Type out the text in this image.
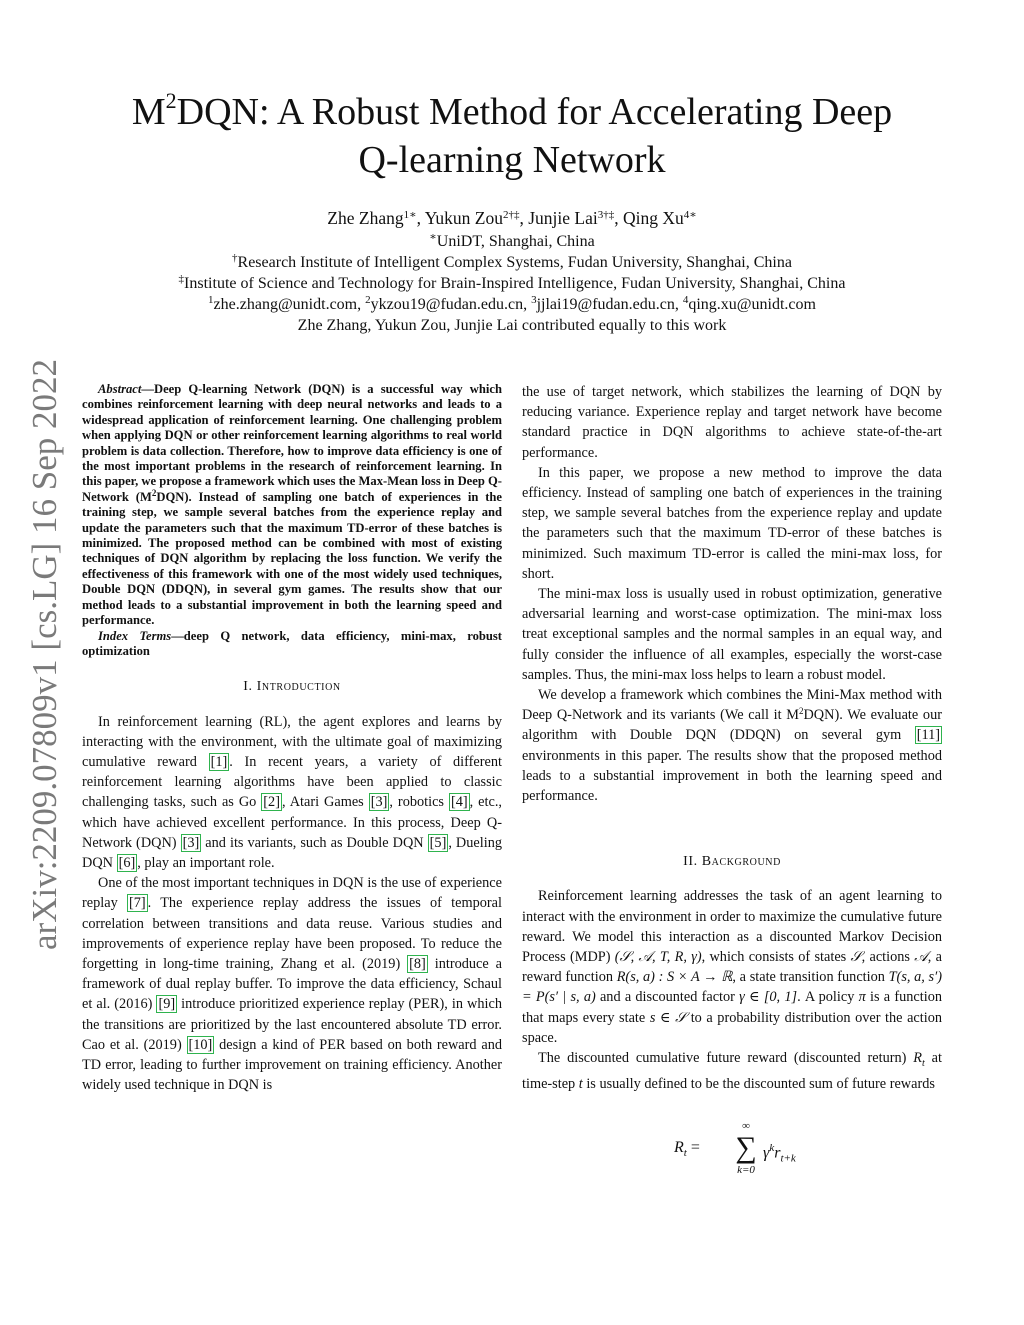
$M^2DQN$: A Robust Method for Accelerating Deep
Q-learning Network
Zhe Zhang$^{1∗}$, Yukun Zou$^{2\dagger\ddagger}$, Junjie Lai$^{3\dagger\ddagger}$, Qing $Xu^{4∗}$
∗UniDT, Shanghai, China
†Research Institute of Intelligent Complex Systems, Fudan University, Shanghai, China
‡Institute of Science and Technology for Brain-Inspired Intelligence, Fudan University, Shanghai, China
$^1$zhe.zhang@unidt.com, $^2$ykzou19@fudan.edu.cn, $^3$jjlai19@fudan.edu.cn, $^4$qing.xu@unidt.com
Zhe Zhang, Yukun Zou, Junjie Lai contributed equally to this work
arXiv:2209.07809v1 [cs.LG] 16 Sep 2022	Abstract—Deep Q-learning Network (DQN) is a successful way which combines reinforcement learning with deep neural networks and leads to a widespread application of reinforcement learning. One challenging problem when applying DQN or other reinforcement learning algorithms to real world problem is data collection. Therefore, how to improve data efficiency is one of the most important problems in the research of reinforcement learning. In this paper, we propose a framework which uses the Max-Mean loss in Deep Q-Network $(M^2DQN)$. Instead of sampling one batch of experiences in the training step, we sample several batches from the experience replay and update the parameters such that the maximum TD-error of these batches is minimized. The proposed method can be combined with most of existing techniques of DQN algorithm by replacing the loss function. We verify the effectiveness of this framework with one of the most widely used techniques, Double DQN (DDQN), in several gym games. The results show that our method leads to a substantial improvement in both the learning speed and performance.

Index Terms—deep Q network, data efficiency, mini-max, robust optimization

I. Introduction

In reinforcement learning (RL), the agent explores and learns by interacting with the environment, with the ultimate goal of maximizing cumulative reward [1] . In recent years, a variety of different reinforcement learning algorithms have been applied to classic challenging tasks, such as Go [2] , Atari Games [3] , robotics [4] , etc., which have achieved excellent performance. In this process, Deep Q-Network (DQN) [3] and its variants, such as Double DQN [5] , Dueling DQN [6] , play an important role.

One of the most important techniques in DQN is the use of experience replay [7] . The experience replay address the issues of temporal correlation between transitions and data reuse. Various studies and improvements of experience replay have been proposed. To reduce the forgetting in long-time training, Zhang et al. (2019) [8] introduce a framework of dual replay buffer. To improve the data efficiency, Schaul et al. (2016) [9] introduce prioritized experience replay (PER), in which the transitions are prioritized by the last encountered absolute TD error. Cao et al. (2019) [10] design a kind of PER based on both reward and TD error, leading to further improvement on training efficiency. Another widely used technique in DQN is

the use of target network, which stabilizes the learning of DQN by reducing variance. Experience replay and target network have become standard practice in DQN algorithms to achieve state-of-the-art performance.

In this paper, we propose a new method to improve the data efficiency. Instead of sampling one batch of experiences in the training step, we sample several batches from the experience replay and update the parameters such that the maximum TD-error of these batches is minimized. Such maximum TD-error is called the mini-max loss, for short.

The mini-max loss is usually used in robust optimization, generative adversarial learning and worst-case optimization. The mini-max loss treat exceptional samples and the normal samples in an equal way, and fully consider the influence of all examples, especially the worst-case samples. Thus, the mini-max loss helps to learn a robust model.

We develop a framework which combines the Mini-Max method with Deep Q-Network and its variants (We call it $M^2DQN$). We evaluate our algorithm with Double DQN (DDQN) on several gym [11] environments in this paper. The results show that the proposed method leads to a substantial improvement in both the learning speed and performance.

II. Background

Reinforcement learning addresses the task of an agent learning to interact with the environment in order to maximize the cumulative future reward. We model this interaction as a discounted Markov Decision Process (MDP) (𝒮, 𝒜, T, R, γ), which consists of states 𝒮, actions 𝒜, a reward function R(s, a) : S × A → ℝ, a state transition function T(s, a, s′) = P(s′ | s, a) and a discounted factor γ ∈ [0, 1]. A policy π is a function that maps every state s ∈ 𝒮 to a probability distribution over the action space.

The discounted cumulative future reward (discounted return) $R_t$ at time-step t is usually defined to be the discounted sum of future rewards

$R_t$ =
∞
∑
k=0
$\gamma^kr_{t+k}$
